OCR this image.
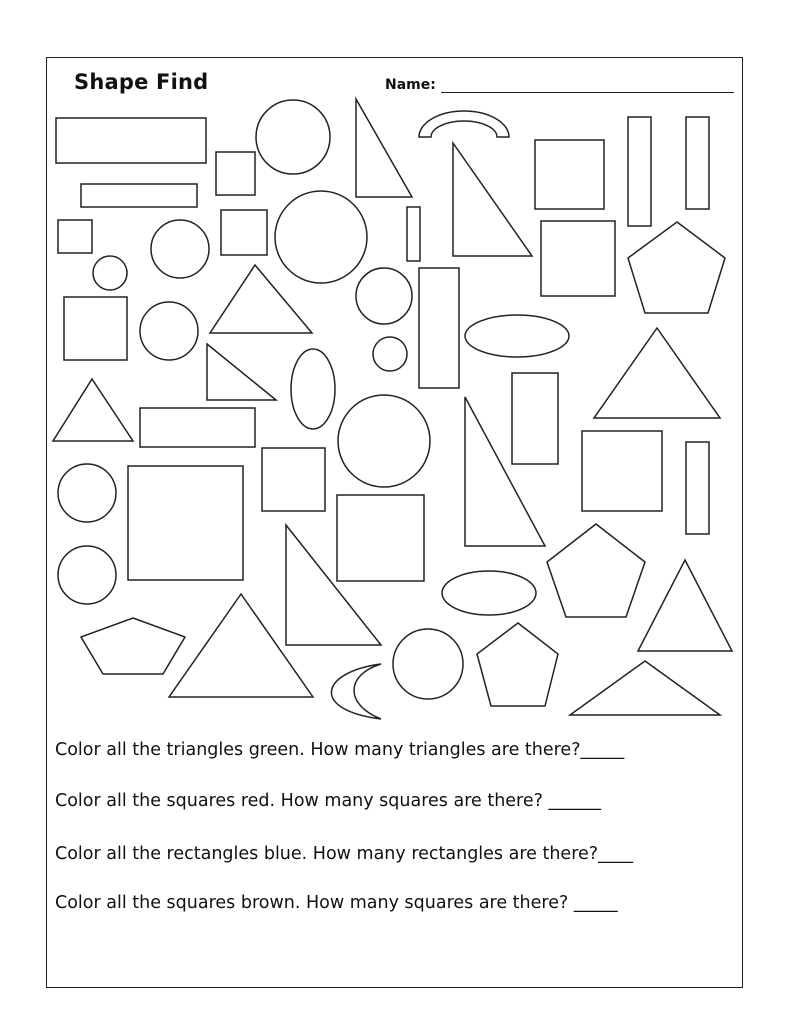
Shape Find	Name:
Color all the triangles green. How many triangles are there?_____
Color all the squares red. How many squares are there? ______
Color all the rectangles blue. How many rectangles are there?____
Color all the squares brown. How many squares are there? _____
